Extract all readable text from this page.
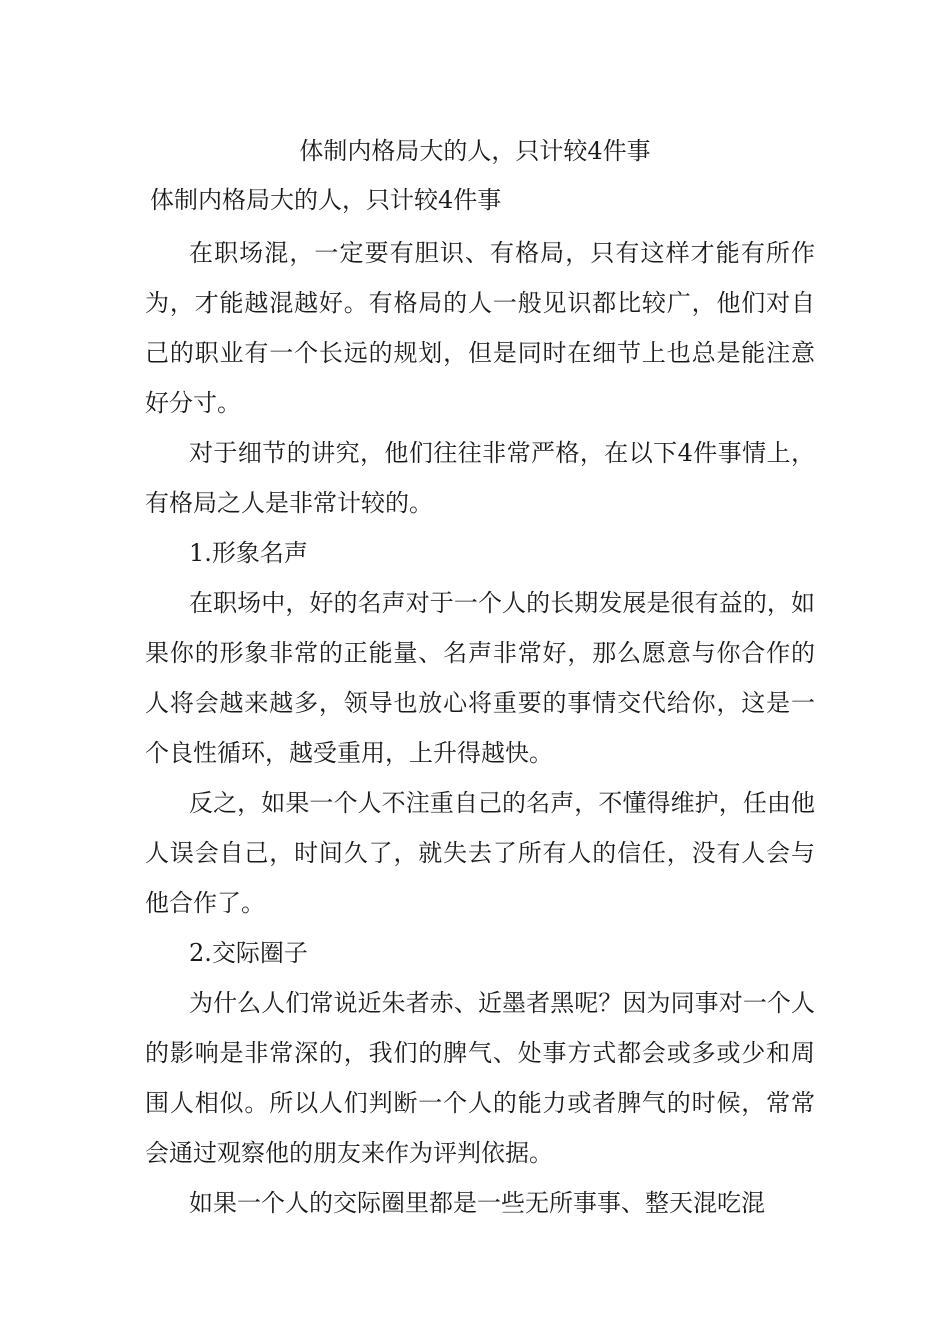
体制内格局大的人，只计较4件事

体制内格局大的人，只计较4件事

在职场混，一定要有胆识、有格局，只有这样才能有所作为，才能越混越好。有格局的人一般见识都比较广，他们对自己的职业有一个长远的规划，但是同时在细节上也总是能注意好分寸。

对于细节的讲究，他们往往非常严格，在以下4件事情上，有格局之人是非常计较的。

1.形象名声

在职场中，好的名声对于一个人的长期发展是很有益的，如果你的形象非常的正能量、名声非常好，那么愿意与你合作的人将会越来越多，领导也放心将重要的事情交代给你，这是一个良性循环，越受重用，上升得越快。

反之，如果一个人不注重自己的名声，不懂得维护，任由他人误会自己，时间久了，就失去了所有人的信任，没有人会与他合作了。

2.交际圈子

为什么人们常说近朱者赤、近墨者黑呢？因为同事对一个人的影响是非常深的，我们的脾气、处事方式都会或多或少和周围人相似。所以人们判断一个人的能力或者脾气的时候，常常会通过观察他的朋友来作为评判依据。

如果一个人的交际圈里都是一些无所事事、整天混吃混
